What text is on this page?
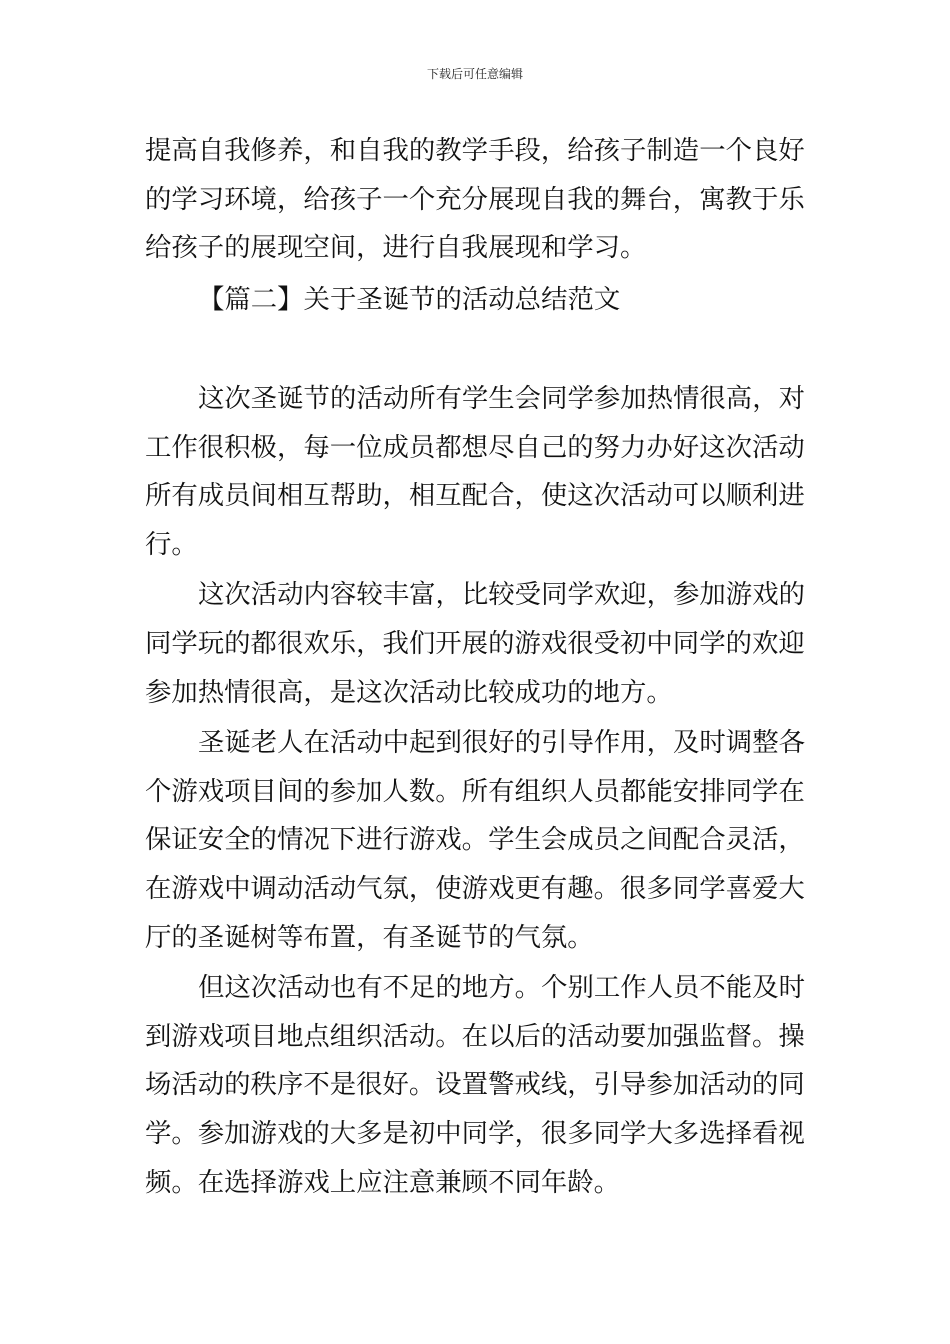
下载后可任意编辑

提高自我修养，和自我的教学手段，给孩子制造一个良好

的学习环境，给孩子一个充分展现自我的舞台，寓教于乐

给孩子的展现空间，进行自我展现和学习。

【篇二】关于圣诞节的活动总结范文

这次圣诞节的活动所有学生会同学参加热情很高，对

工作很积极，每一位成员都想尽自己的努力办好这次活动

所有成员间相互帮助，相互配合，使这次活动可以顺利进

行。

这次活动内容较丰富，比较受同学欢迎，参加游戏的

同学玩的都很欢乐，我们开展的游戏很受初中同学的欢迎

参加热情很高，是这次活动比较成功的地方。

圣诞老人在活动中起到很好的引导作用，及时调整各

个游戏项目间的参加人数。所有组织人员都能安排同学在

保证安全的情况下进行游戏。学生会成员之间配合灵活，

在游戏中调动活动气氛，使游戏更有趣。很多同学喜爱大

厅的圣诞树等布置，有圣诞节的气氛。

但这次活动也有不足的地方。个别工作人员不能及时

到游戏项目地点组织活动。在以后的活动要加强监督。操

场活动的秩序不是很好。设置警戒线，引导参加活动的同

学。参加游戏的大多是初中同学，很多同学大多选择看视

频。在选择游戏上应注意兼顾不同年龄。
